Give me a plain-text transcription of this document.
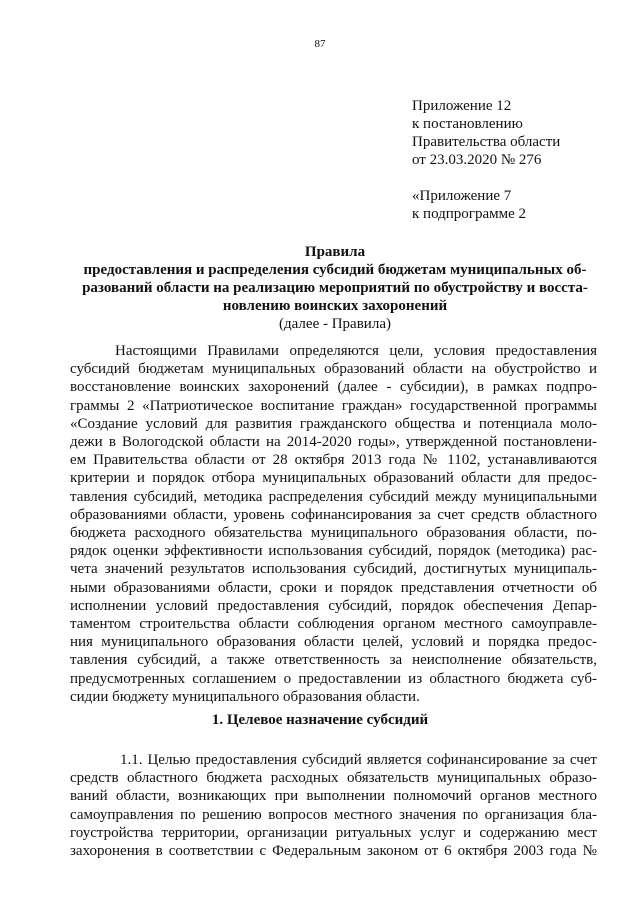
87
Приложение 12
к постановлению
Правительства области
от 23.03.2020 № 276
«Приложение 7
к подпрограмме 2
Правила
предоставления и распределения субсидий бюджетам муниципальных об-
разований области на реализацию мероприятий по обустройству и восста-
новлению воинских захоронений
(далее - Правила)
Настоящими Правилами определяются цели, условия предоставления
субсидий бюджетам муниципальных образований области на обустройство и
восстановление воинских захоронений (далее - субсидии), в рамках подпро-
граммы 2 «Патриотическое воспитание граждан» государственной программы
«Создание условий для развития гражданского общества и потенциала моло-
дежи в Вологодской области на 2014-2020 годы», утвержденной постановлени-
ем Правительства области от 28 октября 2013 года № 1102, устанавливаются
критерии и порядок отбора муниципальных образований области для предос-
тавления субсидий, методика распределения субсидий между муниципальными
образованиями области, уровень софинансирования за счет средств областного
бюджета расходного обязательства муниципального образования области, по-
рядок оценки эффективности использования субсидий, порядок (методика) рас-
чета значений результатов использования субсидий, достигнутых муниципаль-
ными образованиями области, сроки и порядок представления отчетности об
исполнении условий предоставления субсидий, порядок обеспечения Депар-
таментом строительства области соблюдения органом местного самоуправле-
ния муниципального образования области целей, условий и порядка предос-
тавления субсидий, а также ответственность за неисполнение обязательств,
предусмотренных соглашением о предоставлении из областного бюджета суб-
сидии бюджету муниципального образования области.
1. Целевое назначение субсидий
1.1. Целью предоставления субсидий является софинансирование за счет
средств областного бюджета расходных обязательств муниципальных образо-
ваний области, возникающих при выполнении полномочий органов местного
самоуправления по решению вопросов местного значения по организация бла-
гоустройства территории, организации ритуальных услуг и содержанию мест
захоронения в соответствии с Федеральным законом от 6 октября 2003 года №
